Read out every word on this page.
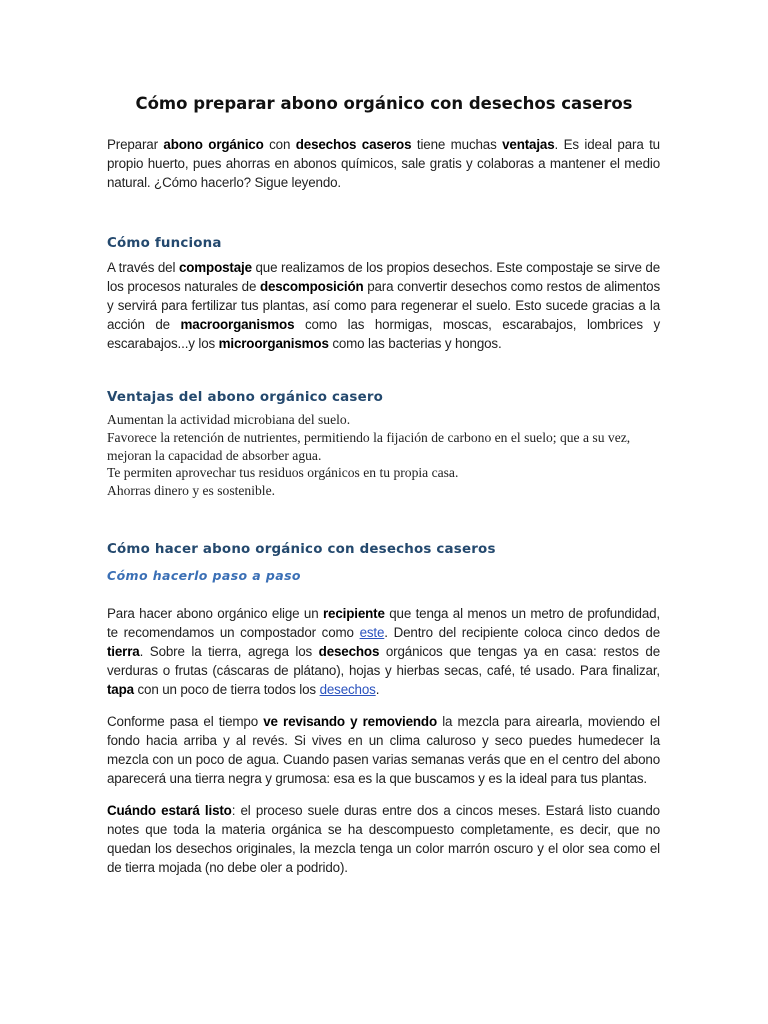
Cómo preparar abono orgánico con desechos caseros

Preparar abono orgánico con desechos caseros tiene muchas ventajas. Es ideal para tu propio huerto, pues ahorras en abonos químicos, sale gratis y colaboras a mantener el medio natural. ¿Cómo hacerlo? Sigue leyendo.

Cómo funciona

A través del compostaje que realizamos de los propios desechos. Este compostaje se sirve de los procesos naturales de descomposición para convertir desechos como restos de alimentos y servirá para fertilizar tus plantas, así como para regenerar el suelo. Esto sucede gracias a la acción de macroorganismos como las hormigas, moscas, escarabajos, lombrices y escarabajos...y los microorganismos como las bacterias y hongos.

Ventajas del abono orgánico casero
Aumentan la actividad microbiana del suelo.
Favorece la retención de nutrientes, permitiendo la fijación de carbono en el suelo; que a su vez, mejoran la capacidad de absorber agua.
Te permiten aprovechar tus residuos orgánicos en tu propia casa.
Ahorras dinero y es sostenible.
Cómo hacer abono orgánico con desechos caseros
Cómo hacerlo paso a paso

Para hacer abono orgánico elige un recipiente que tenga al menos un metro de profundidad, te recomendamos un compostador como este. Dentro del recipiente coloca cinco dedos de tierra. Sobre la tierra, agrega los desechos orgánicos que tengas ya en casa: restos de verduras o frutas (cáscaras de plátano), hojas y hierbas secas, café, té usado. Para finalizar, tapa con un poco de tierra todos los desechos.

Conforme pasa el tiempo ve revisando y removiendo la mezcla para airearla, moviendo el fondo hacia arriba y al revés. Si vives en un clima caluroso y seco puedes humedecer la mezcla con un poco de agua. Cuando pasen varias semanas verás que en el centro del abono aparecerá una tierra negra y grumosa: esa es la que buscamos y es la ideal para tus plantas.

Cuándo estará listo: el proceso suele duras entre dos a cincos meses. Estará listo cuando notes que toda la materia orgánica se ha descompuesto completamente, es decir, que no quedan los desechos originales, la mezcla tenga un color marrón oscuro y el olor sea como el de tierra mojada (no debe oler a podrido).
